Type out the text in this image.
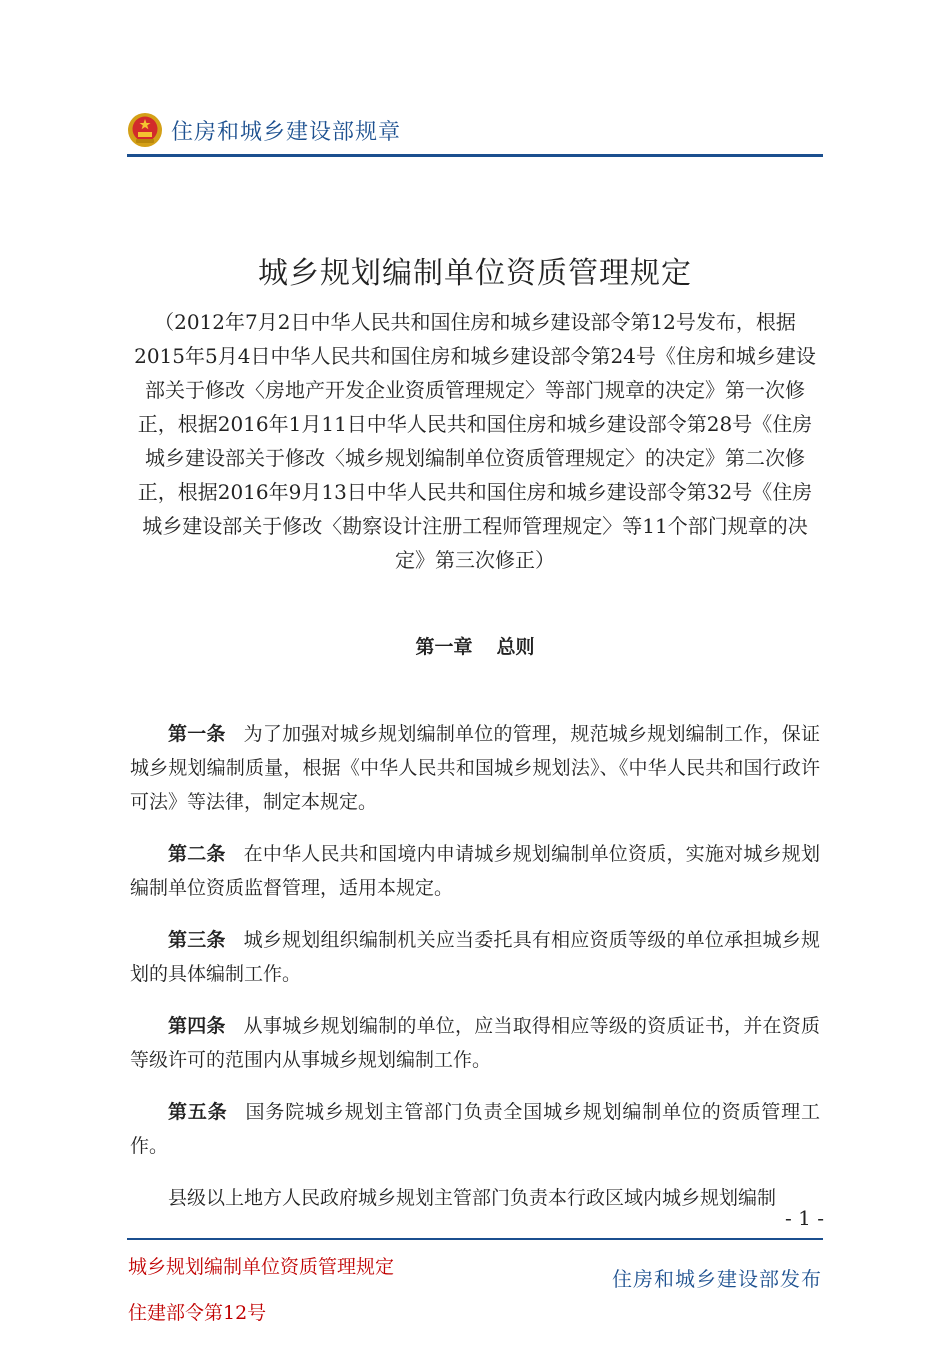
住房和城乡建设部规章
城乡规划编制单位资质管理规定
（2012年7月2日中华人民共和国住房和城乡建设部令第12号发布，根据2015年5月4日中华人民共和国住房和城乡建设部令第24号《住房和城乡建设部关于修改〈房地产开发企业资质管理规定〉等部门规章的决定》第一次修正，根据2016年1月11日中华人民共和国住房和城乡建设部令第28号《住房城乡建设部关于修改〈城乡规划编制单位资质管理规定〉的决定》第二次修正，根据2016年9月13日中华人民共和国住房和城乡建设部令第32号《住房城乡建设部关于修改〈勘察设计注册工程师管理规定〉等11个部门规章的决定》第三次修正）
第一章 总则

第一条 为了加强对城乡规划编制单位的管理，规范城乡规划编制工作，保证城乡规划编制质量，根据《中华人民共和国城乡规划法》、《中华人民共和国行政许可法》等法律，制定本规定。

第二条 在中华人民共和国境内申请城乡规划编制单位资质，实施对城乡规划编制单位资质监督管理，适用本规定。

第三条 城乡规划组织编制机关应当委托具有相应资质等级的单位承担城乡规划的具体编制工作。

第四条 从事城乡规划编制的单位，应当取得相应等级的资质证书，并在资质等级许可的范围内从事城乡规划编制工作。

第五条 国务院城乡规划主管部门负责全国城乡规划编制单位的资质管理工作。

县级以上地方人民政府城乡规划主管部门负责本行政区域内城乡规划编制

- 1 -
城乡规划编制单位资质管理规定
住建部令第12号
住房和城乡建设部发布
